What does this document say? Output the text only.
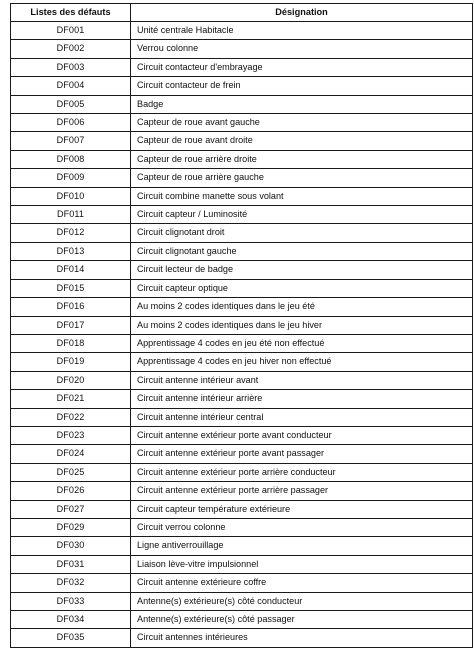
Listes des défauts	Désignation
DF001	Unité centrale Habitacle
DF002	Verrou colonne
DF003	Circuit contacteur d'embrayage
DF004	Circuit contacteur de frein
DF005	Badge
DF006	Capteur de roue avant gauche
DF007	Capteur de roue avant droite
DF008	Capteur de roue arrière droite
DF009	Capteur de roue arrière gauche
DF010	Circuit combine manette sous volant
DF011	Circuit capteur / Luminosité
DF012	Circuit clignotant droit
DF013	Circuit clignotant gauche
DF014	Circuit lecteur de badge
DF015	Circuit capteur optique
DF016	Au moins 2 codes identiques dans le jeu été
DF017	Au moins 2 codes identiques dans le jeu hiver
DF018	Apprentissage 4 codes en jeu été non effectué
DF019	Apprentissage 4 codes en jeu hiver non effectué
DF020	Circuit antenne intérieur avant
DF021	Circuit antenne intérieur arrière
DF022	Circuit antenne intérieur central
DF023	Circuit antenne extérieur porte avant conducteur
DF024	Circuit antenne extérieur porte avant passager
DF025	Circuit antenne extérieur porte arrière conducteur
DF026	Circuit antenne extérieur porte arrière passager
DF027	Circuit capteur température extérieure
DF029	Circuit verrou colonne
DF030	Ligne antiverrouillage
DF031	Liaison lève-vitre impulsionnel
DF032	Circuit antenne extérieure coffre
DF033	Antenne(s) extérieure(s) côté conducteur
DF034	Antenne(s) extérieure(s) côté passager
DF035	Circuit antennes intérieures
